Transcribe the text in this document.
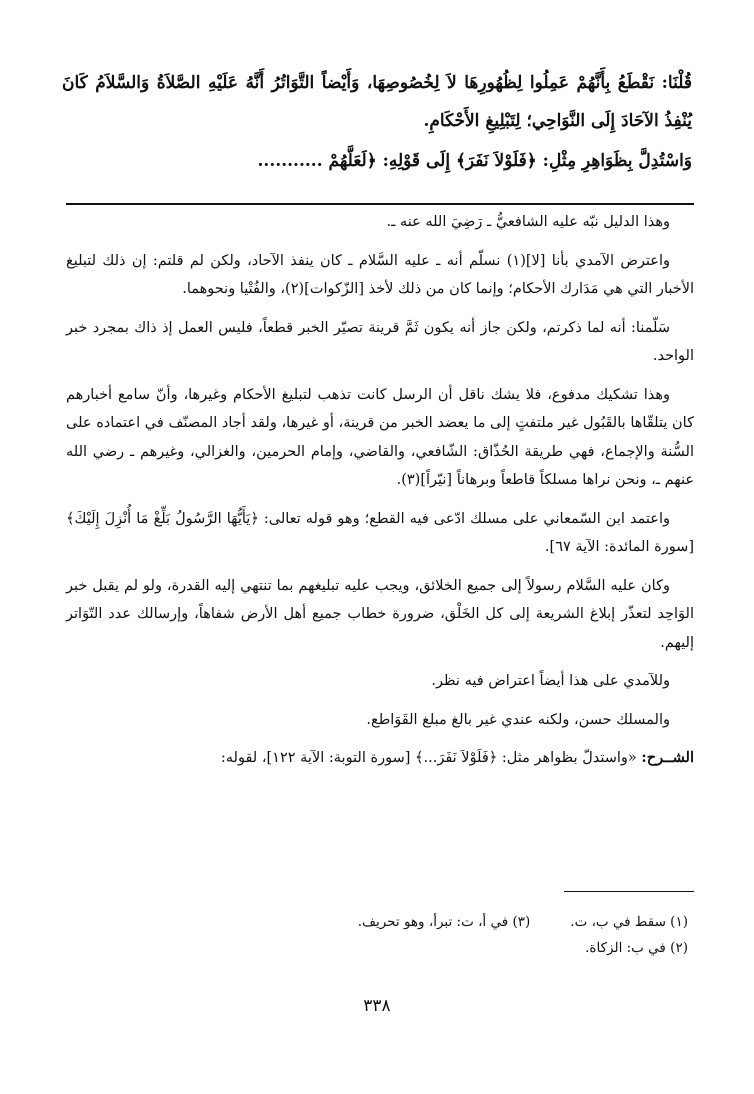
قُلْنَا: نَقْطَعُ بِأَنَّهُمْ عَمِلُوا لِظُهُورِهَا لاَ لِخُصُوصِهَا، وَأَيْضاً التَّوَاتُرُ أَنَّهُ عَلَيْهِ الصَّلاَةُ وَالسَّلاَمُ كَانَ يُنْفِذُ الآحَادَ إِلَى النَّوَاحِي؛ لِتَبْلِيغِ الأَحْكَامِ.

وَاسْتُدِلَّ بِظَوَاهِرِ مِثْلِ: ﴿فَلَوْلاَ نَفَرَ﴾ إِلَى قَوْلِهِ: ﴿لَعَلَّهُمْ ...........

وهذا الدليل نبّه عليه الشافعيُّ ـ رَضِيَ الله عنه ـ.

واعترض الآمدي بأنا [لا](١) نسلّم أنه ـ عليه السَّلام ـ كان ينفذ الآحاد، ولكن لم قلتم: إن ذلك لتبليغ الأخبار التي هي مَدَارك الأحكام؛ وإنما كان من ذلك لأخذ [الزّكوات](٢)، والفُتْيا ونحوهما.

سَلّمنا: أنه لما ذكرتم، ولكن جاز أنه يكون ثَمَّ قرينة تصيّر الخبر قطعاً، فليس العمل إذ ذاك بمجرد خبر الواحد.

وهذا تشكيك مدفوع، فلا يشك ناقل أن الرسل كانت تذهب لتبليغ الأحكام وغيرها، وأنّ سامع أخبارهم كان يتلقّاها بالقَبُول غير ملتفتٍ إلى ما يعضد الخبر من قرينة، أو غيرها، ولقد أجاد المصنّف في اعتماده على السُّنة والإجماع، فهي طريقة الحُذّاق: الشّافعي، والقاضي، وإمام الحرمين، والغزالي، وغيرهم ـ رضي الله عنهم ـ، ونحن نراها مسلكاً قاطعاً وبرهاناً [نيّراً](٣).

واعتمد ابن السّمعاني على مسلك ادّعى فيه القطع؛ وهو قوله تعالى: ﴿يَأَيُّهَا الرَّسُولُ بَلِّغْ مَا أُنْزِلَ إِلَيْكَ﴾ [سورة المائدة: الآية ٦٧].

وكان عليه السَّلام رسولاً إلى جميع الخلائق، ويجب عليه تبليغهم بما تنتهي إليه القدرة، ولو لم يقبل خبر الوَاحِد لتعذّر إبلاغ الشريعة إلى كل الخَلْق، ضرورة خطاب جميع أهل الأرض شفاهاً، وإرسالك عدد التّوَاتر إليهم.

وللآمدي على هذا أيضاً اعتراض فيه نظر.

والمسلك حسن، ولكنه عندي غير بالغ مبلغ القَوَاطع.

الشــرح: «واستدلّ بظواهر مثل: ﴿فَلَوْلاَ نَفَرَ...﴾ [سورة التوبة: الآية ١٢٢]، لقوله:

(١) سقط في ب، ت.
(٣) في أ، ت: تبرأ، وهو تحريف.
(٢) في ب: الزكاة.
٣٣٨
